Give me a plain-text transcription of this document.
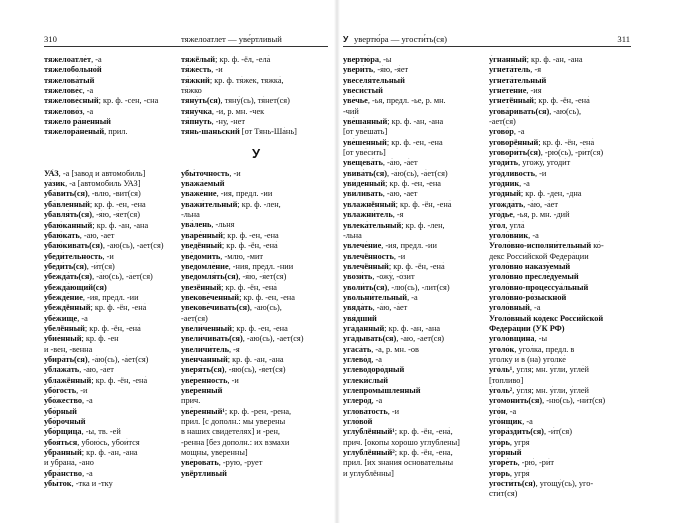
310	тяжелоатлет — уве́ртливый
тяжелоатле́т, -а
тяжелобольно́й
тяжелова́тый
тяжелове́с, -а
тяжелове́сный; кр. ф. -сен, -сна
тяжелово́з, -а
тяжело ра́ненный
тяжелора́неный, прил.
УА́З, -а [завод и автомобиль]
уа́зик, -а [автомобиль УАЗ]
уба́вить(ся), -влю, -вит(ся)
уба́вленный; кр. ф. -ен, -ена
убавля́ть(ся), -я́ю, -я́ет(ся)
убаю́канный; кр. ф. -ан, -ана
убаю́кать, -аю, -ает
убаю́кивать(ся), -аю(сь), -ает(ся)
убеди́тельность, -и
убеди́ть(ся), -и́т(ся)
убежда́ть(ся), -а́ю(сь), -а́ет(ся)
убежда́ющий(ся)
убежде́ние, -ия, предл. -ии
убеждённый; кр. ф. -ён, -ена́
убе́жище, -а
убелённый; кр. ф. -ён, -ена́
убие́нный; кр. ф. -ен
и -вен, -венна
убира́ть(ся), -а́ю(сь), -а́ет(ся)
ублажа́ть, -а́ю, -а́ет
ублажённый; кр. ф. -ён, -ена́
убо́гость, -и
убо́жество, -а
убо́рный
убо́рочный
убо́рщица, -ы, тв. -ей
убоя́ться, убою́сь, убои́тся
у́бранный; кр. ф. -ан, -ана
и у́брана́, -ано
убра́нство, -а
убы́ток, -тка и -тку
тяжёлый; кр. ф. -ёл, -ела́
тя́жесть, -и
тя́жкий; кр. ф. тя́жек, тяжка́,
тя́жко
тяну́ть(ся), тяну́(сь), тя́нет(ся)
тяну́чка, -и, р. мн. -чек
тя́пнуть, -ну, -нет
тянь-шаньский [от Тянь-Ша́нь]
У
убы́точность, -и
уважа́емый
уваже́ние, -ия, предл. -ии
уважи́тельный; кр. ф. -лен,
-льна
ува́лень, -льня
уваре́нный; кр. ф. -ен, -ена
уведённый; кр. ф. -ён, -ена́
уве́домить, -млю, -мит
уведомле́ние, -ния, предл. -нии
уведомля́ть(ся), -я́ю, -я́ет(ся)
увезённый; кр. ф. -ён, -ена́
увекове́ченный; кр. ф. -ен, -ена
увекове́чивать(ся), -аю(сь),
-ает(ся)
увели́ченный; кр. ф. -ен, -ена
увели́чивать(ся), -аю(сь), -ает(ся)
увеличи́тель, -я
уве́нчанный; кр. ф. -ан, -ана
уверя́ть(ся), -я́ю(сь), -я́ет(ся)
уве́ренность, -и
уве́ренный
прич.
уве́ренный¹; кр. ф. -рен, -рена,
прил. [с дополн.: мы уверены
в наших свидетелях] и -рен,
-ренна [без дополн.: их взмахи
мощны, уверенны]
уве́ровать, -рую, -рует
увёртливый
У увертю́ра — угости́ть(ся)	311
увертю́ра, -ы
увери́ть, -я́ю, -я́ет
увеселя́тельный
увеси́стый
уве́чье, -ья, предл. -ье, р. мн.
-чий
уве́шанный; кр. ф. -ан, -ана
[от уве́шать]
уве́шенный; кр. ф. -ен, -ена
[от уве́сить]
увещева́ть, -а́ю, -а́ет
увива́ть(ся), -а́ю(сь), -а́ет(ся)
уви́денный; кр. ф. -ен, -ена
уви́ливать, -аю, -ает
увлажнённый; кр. ф. -ён, -ена́
увлажни́тель, -я
увлека́тельный; кр. ф. -лен,
-льна
увлече́ние, -ия, предл. -ии
увлечённость, -и
увлечённый; кр. ф. -ён, -ена́
увози́ть, -ожу́, -о́зит
уволи́ть(ся), -лю(сь), -лит(ся)
увольни́тельный, -а
увяда́ть, -а́ю, -а́ет
увя́дший
уга́данный; кр. ф. -ан, -ана
уга́дывать(ся), -аю, -ает(ся)
угаса́ть, -а, р. мн. -ов
углево́д, -а
углеводоро́дный
углеки́слый
углепромы́шленный
углеро́д, -а
углова́тость, -и
угло́вой
углу́блённый¹; кр. ф. -ён, -ена́,
прич. [окопы хорошо углублены]
углублённый²; кр. ф. -ён, -ена,
прил. [их знания основательны
и углублённы]
у́гнанный; кр. ф. -ан, -ана
угнета́тель, -я
угнета́тельный
угнете́ние, -ия
угнетённый; кр. ф. -ён, -ена́
угова́ривать(ся), -аю(сь),
-ает(ся)
угово́р, -а
уговорённый; кр. ф. -ён, -ена́
уговори́ть(ся), -рю́(сь), -ри́т(ся)
угоди́ть, угожу́, угоди́т
уго́дливость, -и
уго́дник, -а
уго́дный; кр. ф. -ден, -дна
угожда́ть, -а́ю, -а́ет
уго́дье, -ья, р. мн. -дий
у́гол, угла́
уголо́вник, -а
Уголо́вно-исполни́тельный ко́-
декс Росси́йской Федера́ции
уголо́вно наказу́емый
уголо́вно пресле́дуемый
уголо́вно-процессуа́льный
уголо́вно-ро́зыскной
уголо́вный, -а
Уголо́вный ко́декс Росси́йской
Федера́ции (УК РФ)
уголо́вщина, -ы
уголо́к, угол́ка, предл. в
уголку́ и в (на) уголке́
уго́ль¹, угля́; мн. у́гли, угле́й
[топливо]
у́голь², у́гля; мн. у́гли, у́глей
угомони́ть(ся), -ню́(сь), -ни́т(ся)
уго́н, -а
уго́нщик, -а
угора́здить(ся), -и́т(ся)
уго́рь, угря́
уго́рный
угоре́ть, -рю́, -ри́т
у́горь, угря́
угости́ть(ся), угощу́(сь), уго-
сти́т(ся)
